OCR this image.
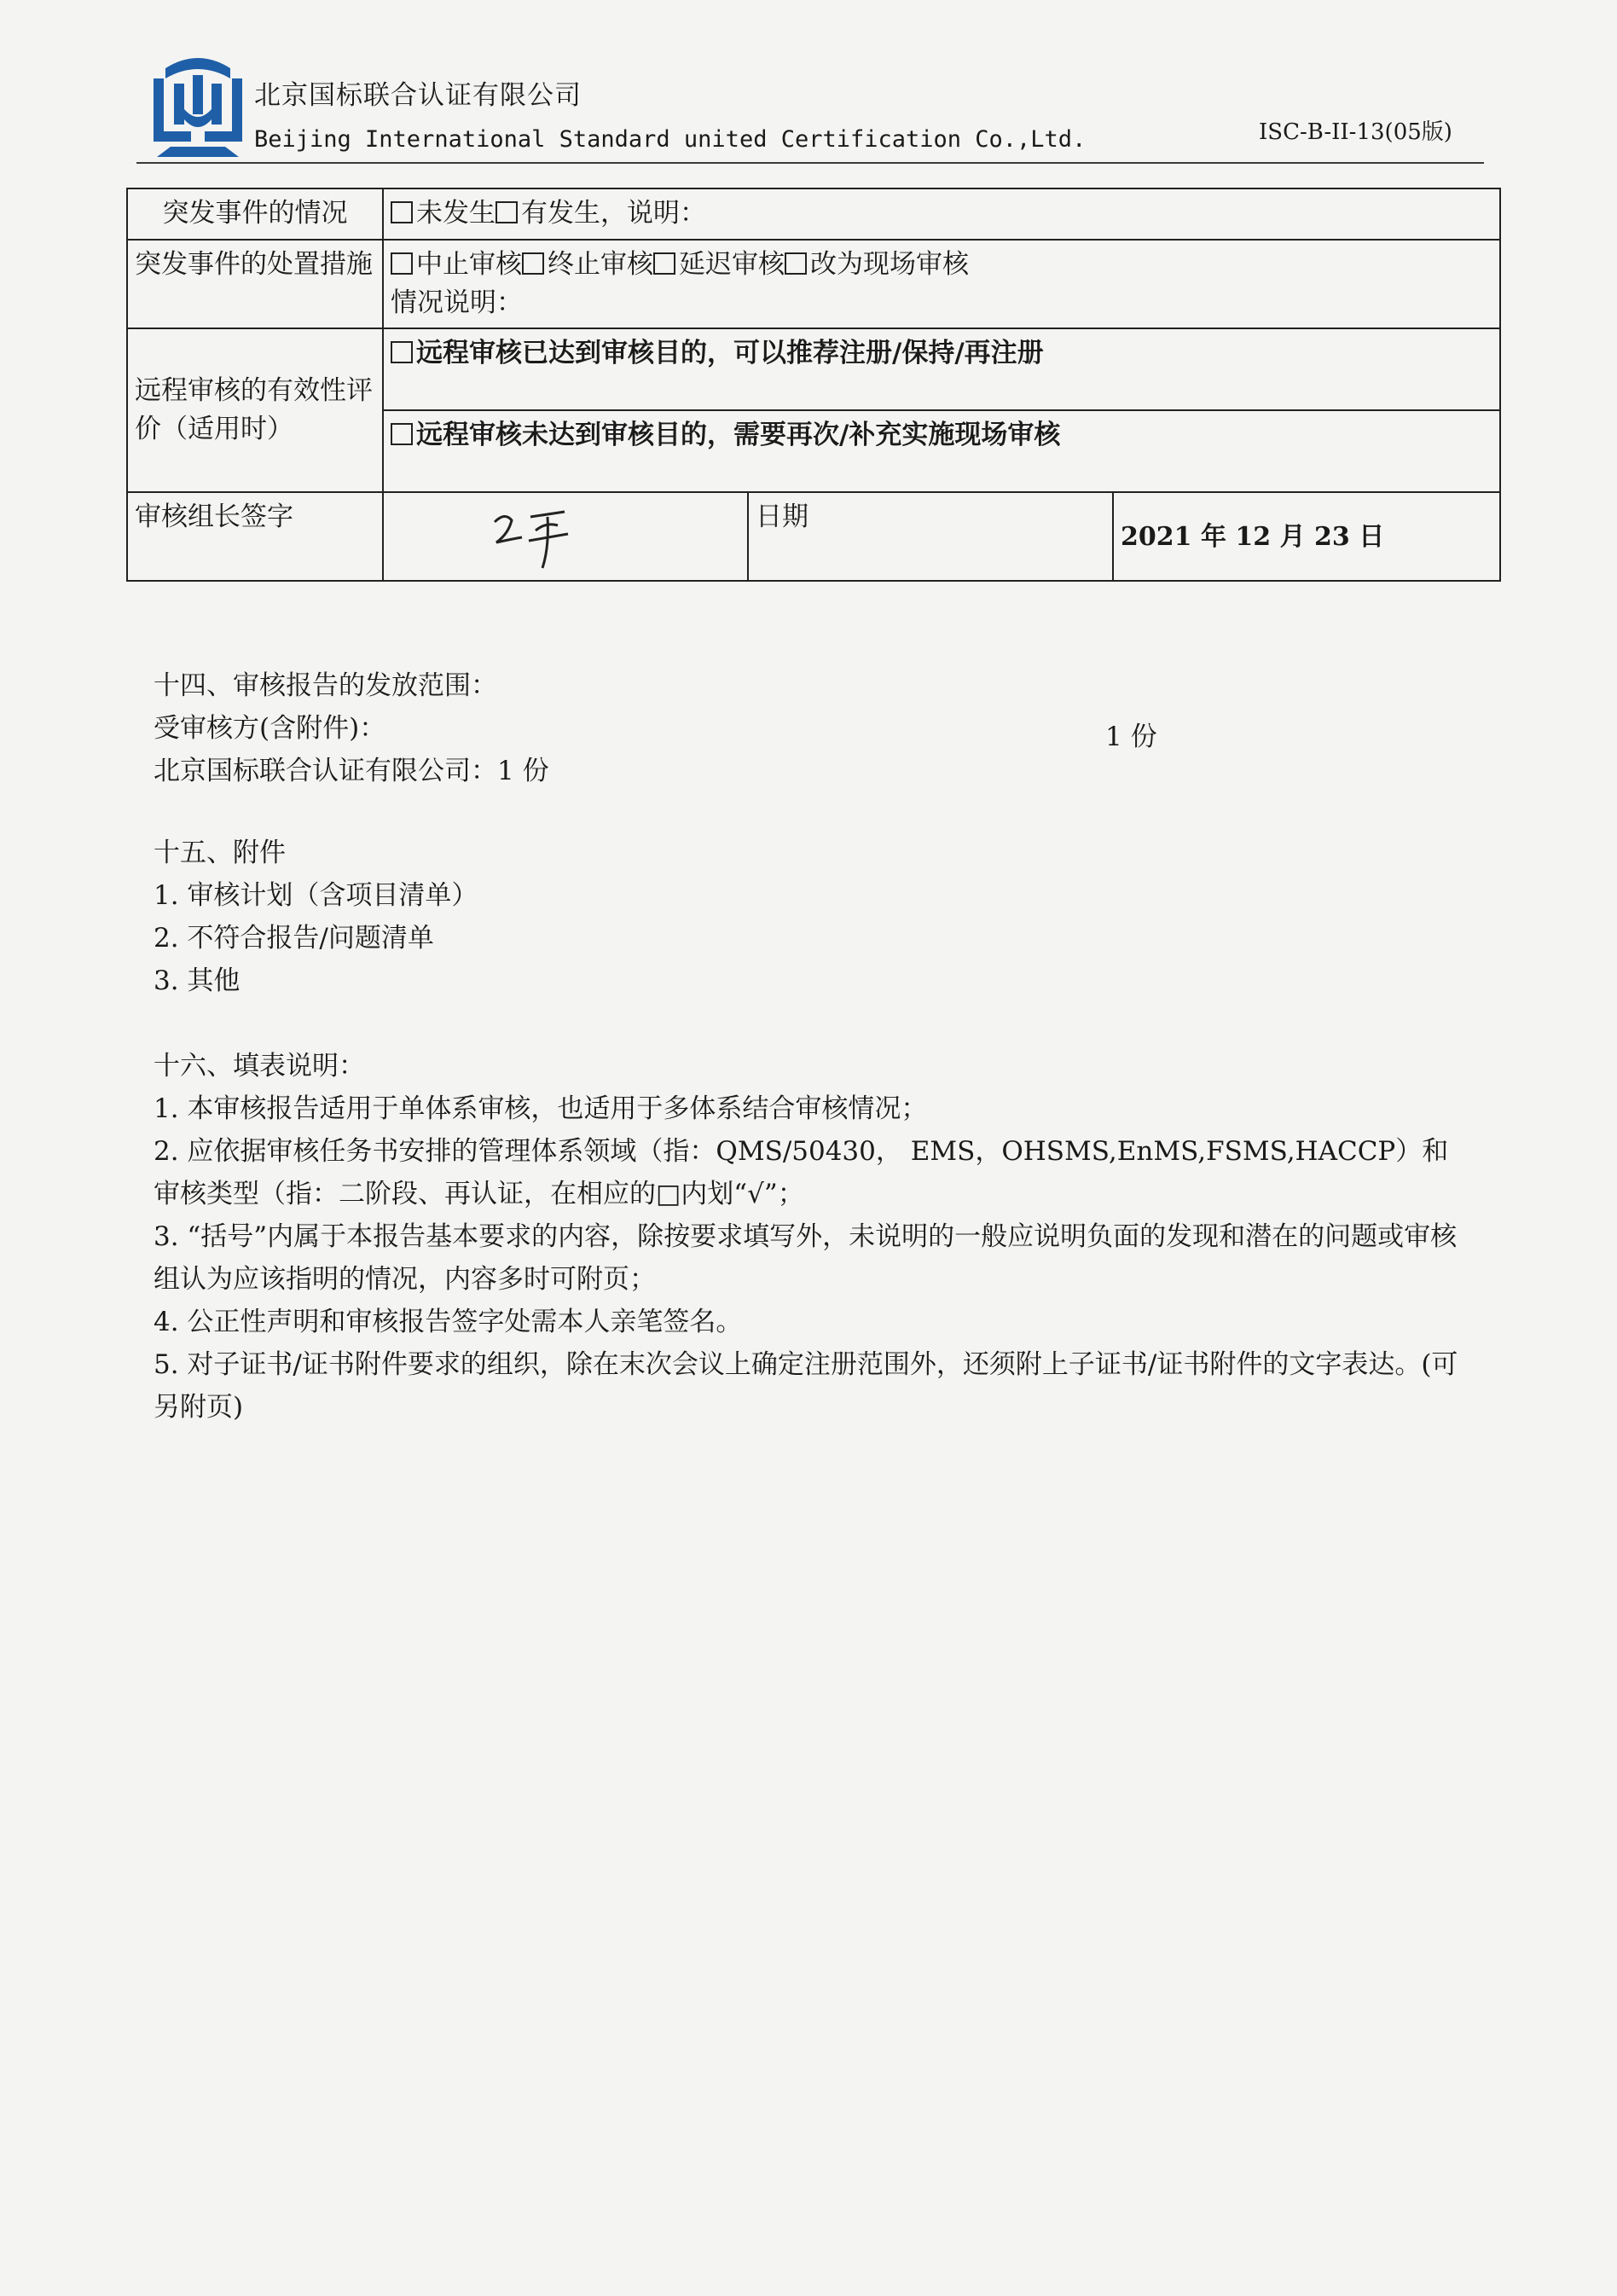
北京国标联合认证有限公司
Beijing International Standard united Certification Co.,Ltd.	ISC-B-II-13(05版)
突发事件的情况	未发生 有发生，说明：		
突发事件的处置措施	中止审核 终止审核 延迟审核 改为现场审核
情况说明：		

远程审核的有效性评价（适用时）	远程审核已达到审核目的，可以推荐注册/保持/再注册		
	远程审核未达到审核目的，需要再次/补充实施现场审核		
审核组长签字		日期	2021 年 12 月 23 日
十四、审核报告的发放范围：
受审核方(含附件)：	1 份
北京国标联合认证有限公司：1 份
十五、附件
1. 审核计划（含项目清单）
2. 不符合报告/问题清单
3. 其他
十六、填表说明：
1. 本审核报告适用于单体系审核，也适用于多体系结合审核情况；
2. 应依据审核任务书安排的管理体系领域（指：QMS/50430， EMS，OHSMS,EnMS,FSMS,HACCP）和审核类型（指：二阶段、再认证，在相应的□内划“√”；
3. “括号”内属于本报告基本要求的内容，除按要求填写外，未说明的一般应说明负面的发现和潜在的问题或审核组认为应该指明的情况，内容多时可附页；
4. 公正性声明和审核报告签字处需本人亲笔签名。
5. 对子证书/证书附件要求的组织，除在末次会议上确定注册范围外，还须附上子证书/证书附件的文字表达。(可另附页)
